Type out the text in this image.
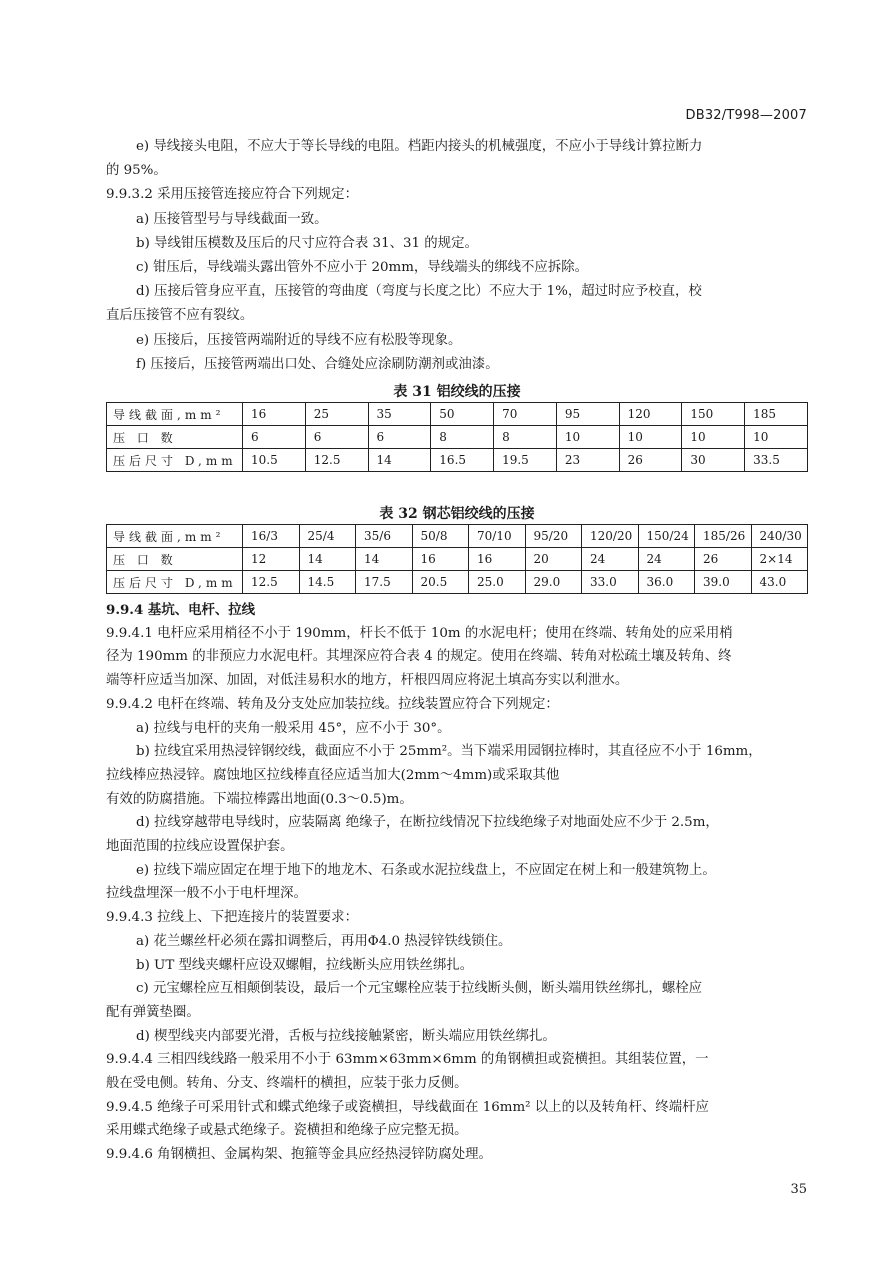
DB32/T998—2007
e) 导线接头电阻，不应大于等长导线的电阻。档距内接头的机械强度，不应小于导线计算拉断力
的 95%。
9.9.3.2 采用压接管连接应符合下列规定：
a) 压接管型号与导线截面一致。
b) 导线钳压模数及压后的尺寸应符合表 31、31 的规定。
c) 钳压后，导线端头露出管外不应小于 20mm，导线端头的绑线不应拆除。
d) 压接后管身应平直，压接管的弯曲度（弯度与长度之比）不应大于 1%，超过时应予校直，校
直后压接管不应有裂纹。
e) 压接后，压接管两端附近的导线不应有松股等现象。
f) 压接后，压接管两端出口处、合缝处应涂刷防潮剂或油漆。
表 31 铝绞线的压接
导线截面,mm²	16	25	35	50	70	95	120	150	185
压 口 数	6	6	6	8	8	10	10	10	10
压后尺寸 D,mm	10.5	12.5	14	16.5	19.5	23	26	30	33.5
表 32 钢芯铝绞线的压接
导线截面,mm²	16/3	25/4	35/6	50/8	70/10	95/20	120/20	150/24	185/26	240/30
压 口 数	12	14	14	16	16	20	24	24	26	2×14
压后尺寸 D,mm	12.5	14.5	17.5	20.5	25.0	29.0	33.0	36.0	39.0	43.0
9.9.4 基坑、电杆、拉线
9.9.4.1 电杆应采用梢径不小于 190mm，杆长不低于 10m 的水泥电杆；使用在终端、转角处的应采用梢
径为 190mm 的非预应力水泥电杆。其埋深应符合表 4 的规定。使用在终端、转角对松疏土壤及转角、终
端等杆应适当加深、加固，对低洼易积水的地方，杆根四周应将泥土填高夯实以利泄水。
9.9.4.2 电杆在终端、转角及分支处应加装拉线。拉线装置应符合下列规定：
a) 拉线与电杆的夹角一般采用 45°，应不小于 30°。
b) 拉线宜采用热浸锌钢绞线，截面应不小于 25mm²。当下端采用园钢拉棒时，其直径应不小于 16mm，
拉线棒应热浸锌。腐蚀地区拉线棒直径应适当加大(2mm～4mm)或采取其他
有效的防腐措施。下端拉棒露出地面(0.3～0.5)m。
d) 拉线穿越带电导线时，应装隔离 绝缘子，在断拉线情况下拉线绝缘子对地面处应不少于 2.5m，
地面范围的拉线应设置保护套。
e) 拉线下端应固定在埋于地下的地龙木、石条或水泥拉线盘上，不应固定在树上和一般建筑物上。
拉线盘埋深一般不小于电杆埋深。
9.9.4.3 拉线上、下把连接片的装置要求：
a) 花兰螺丝杆必须在露扣调整后，再用Φ4.0 热浸锌铁线锁住。
b) UT 型线夹螺杆应设双螺帽，拉线断头应用铁丝绑扎。
c) 元宝螺栓应互相颠倒装设，最后一个元宝螺栓应装于拉线断头侧，断头端用铁丝绑扎，螺栓应
配有弹簧垫圈。
d) 楔型线夹内部要光滑，舌板与拉线接触紧密，断头端应用铁丝绑扎。
9.9.4.4 三相四线线路一般采用不小于 63mm×63mm×6mm 的角钢横担或瓷横担。其组装位置，一
般在受电侧。转角、分支、终端杆的横担，应装于张力反侧。
9.9.4.5 绝缘子可采用针式和蝶式绝缘子或瓷横担，导线截面在 16mm² 以上的以及转角杆、终端杆应
采用蝶式绝缘子或悬式绝缘子。瓷横担和绝缘子应完整无损。
9.9.4.6 角钢横担、金属构架、抱箍等金具应经热浸锌防腐处理。
35
